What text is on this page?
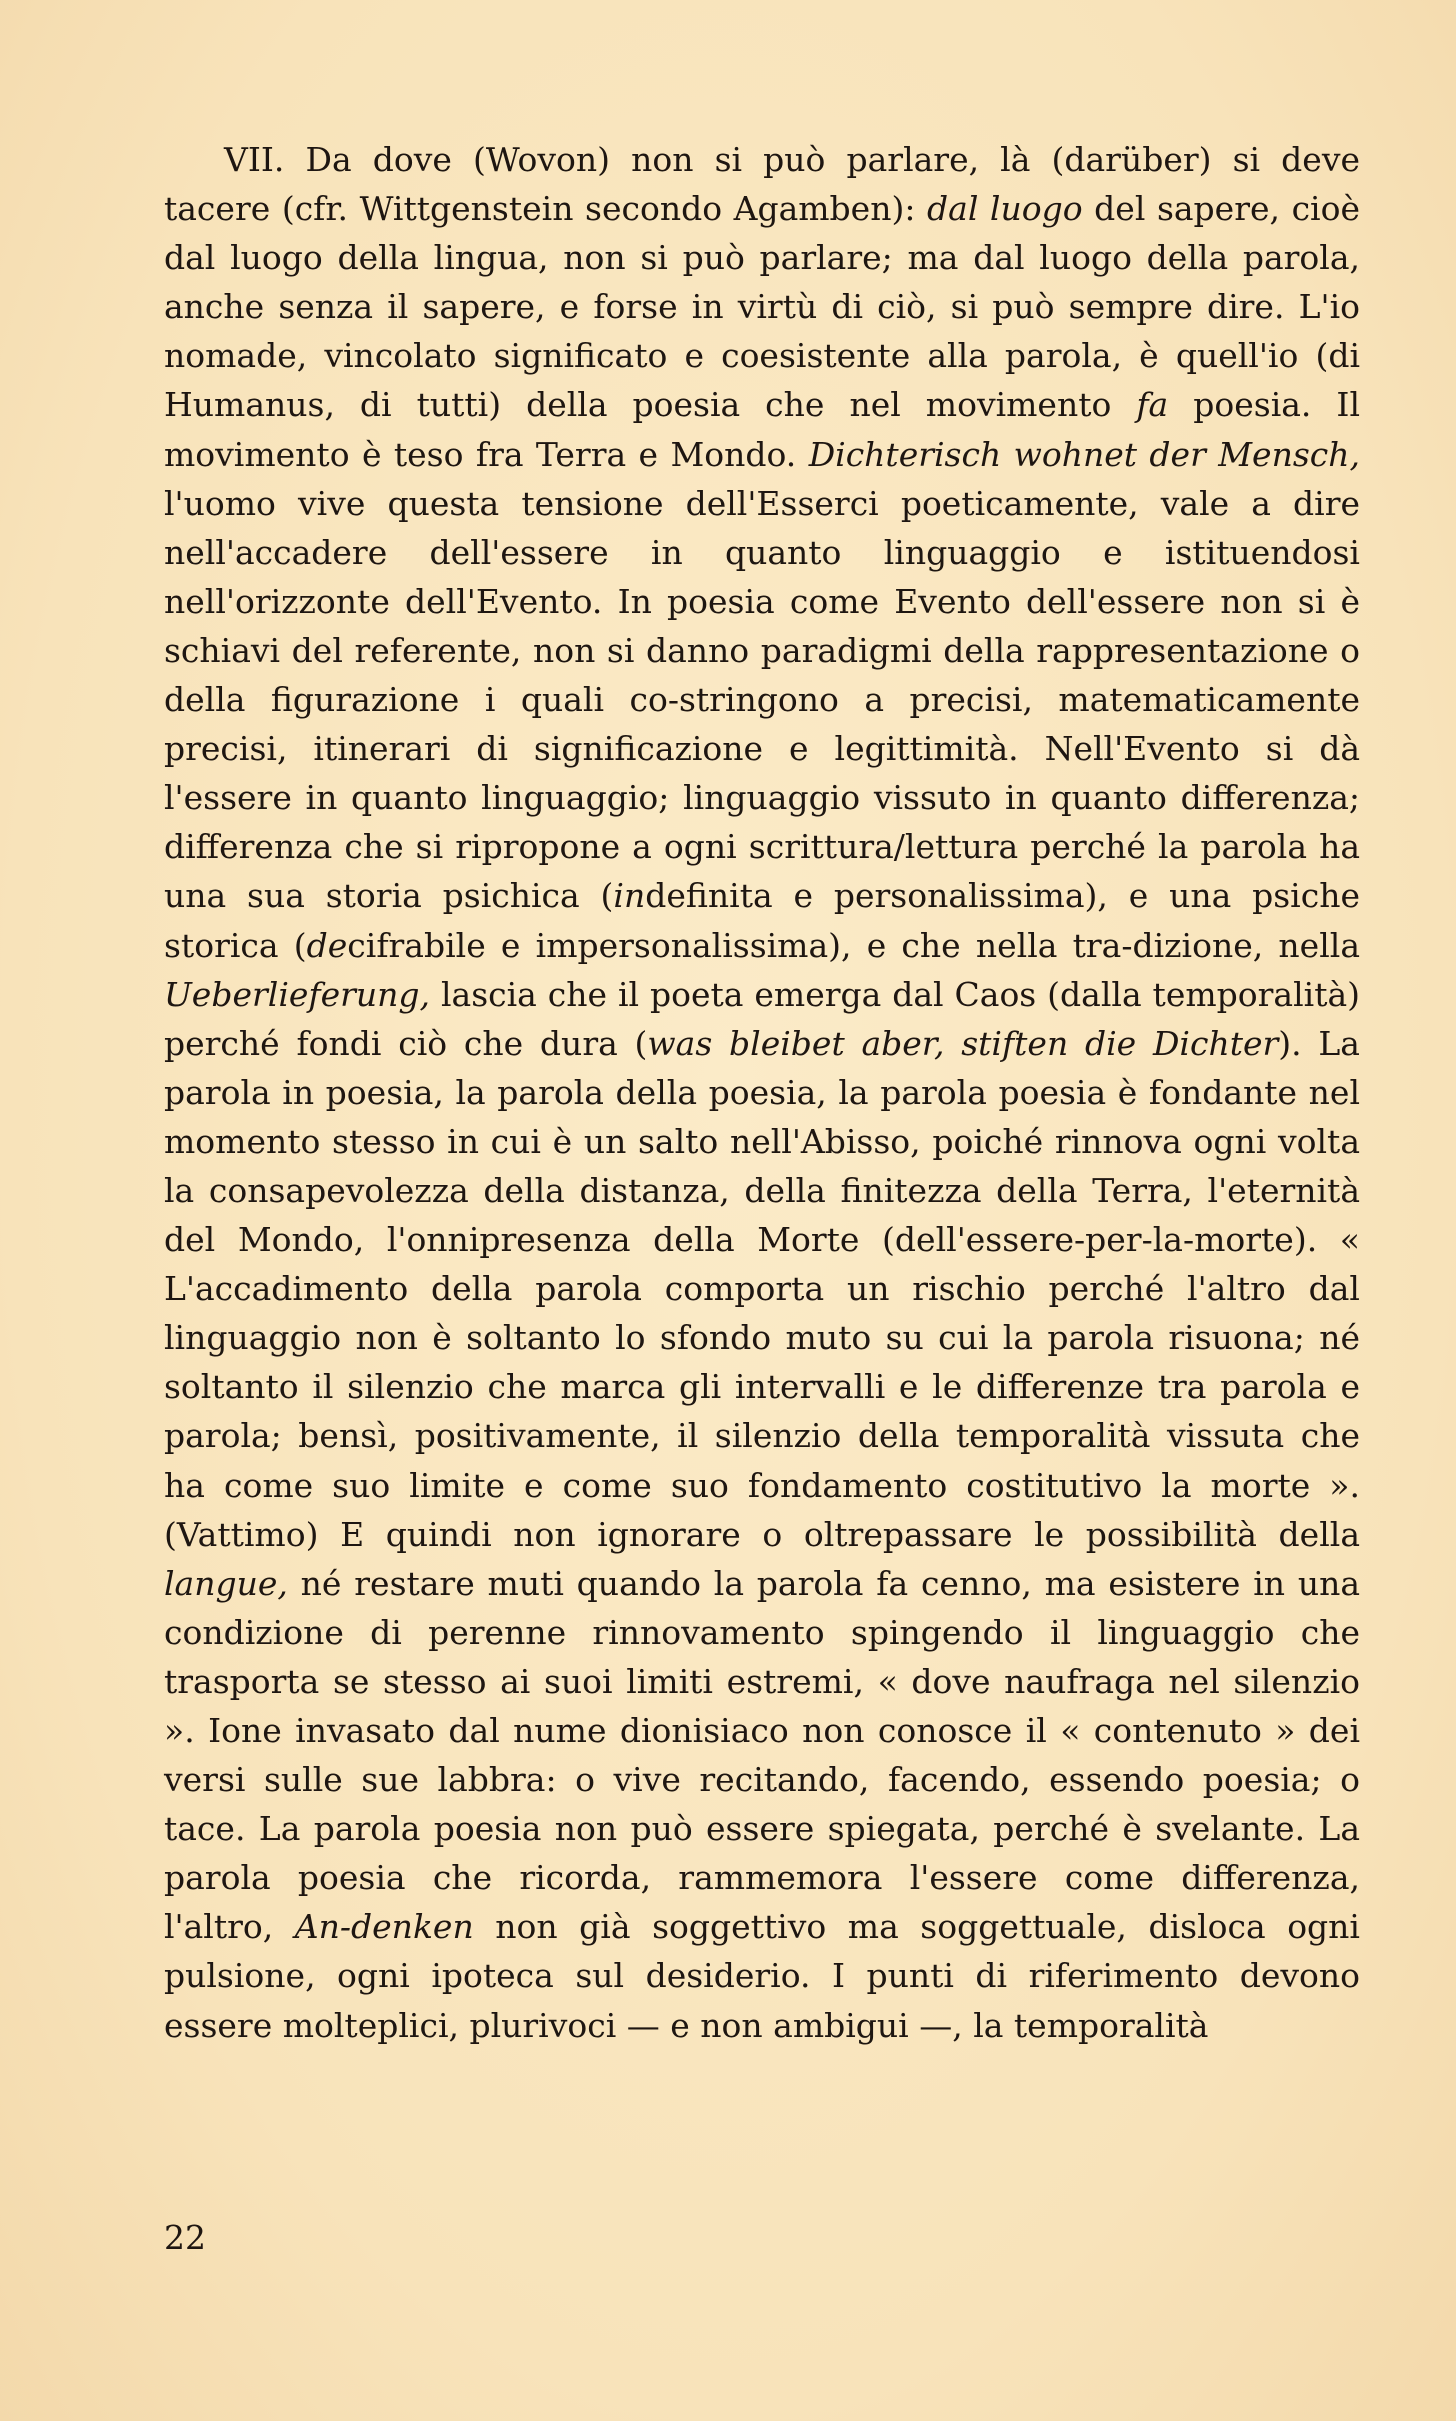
VII. Da dove (Wovon) non si può parlare, là (darüber) si deve tacere (cfr. Wittgenstein secondo Agamben): dal luogo del sapere, cioè dal luogo della lingua, non si può parlare; ma dal luogo della parola, anche senza il sapere, e forse in virtù di ciò, si può sempre dire. L'io nomade, vincolato significato e coesistente alla parola, è quell'io (di Humanus, di tutti) della poesia che nel movimento fa poesia. Il movimento è teso fra Terra e Mondo. Dichterisch wohnet der Mensch, l'uomo vive questa tensione dell'Esserci poeticamente, vale a dire nell'accadere dell'essere in quanto linguaggio e istituendosi nell'orizzonte dell'Evento. In poesia come Evento dell'essere non si è schiavi del referente, non si danno paradigmi della rappresentazione o della figurazione i quali co-stringono a precisi, matematicamente precisi, itinerari di significazione e legittimità. Nell'Evento si dà l'essere in quanto linguaggio; linguaggio vissuto in quanto differenza; differenza che si ripropone a ogni scrittura/lettura perché la parola ha una sua storia psichica (indefinita e personalissima), e una psiche storica (decifrabile e impersonalissima), e che nella tra-dizione, nella Ueberlieferung, lascia che il poeta emerga dal Caos (dalla temporalità) perché fondi ciò che dura (was bleibet aber, stiften die Dichter). La parola in poesia, la parola della poesia, la parola poesia è fondante nel momento stesso in cui è un salto nell'Abisso, poiché rinnova ogni volta la consapevolezza della distanza, della finitezza della Terra, l'eternità del Mondo, l'onnipresenza della Morte (dell'essere-per-la-morte). « L'accadimento della parola comporta un rischio perché l'altro dal linguaggio non è soltanto lo sfondo muto su cui la parola risuona; né soltanto il silenzio che marca gli intervalli e le differenze tra parola e parola; bensì, positivamente, il silenzio della temporalità vissuta che ha come suo limite e come suo fondamento costitutivo la morte ». (Vattimo) E quindi non ignorare o oltrepassare le possibilità della langue, né restare muti quando la parola fa cenno, ma esistere in una condizione di perenne rinnovamento spingendo il linguaggio che trasporta se stesso ai suoi limiti estremi, « dove naufraga nel silenzio ». Ione invasato dal nume dionisiaco non conosce il « contenuto » dei versi sulle sue labbra: o vive recitando, facendo, essendo poesia; o tace. La parola poesia non può essere spiegata, perché è svelante. La parola poesia che ricorda, rammemora l'essere come differenza, l'altro, An-denken non già soggettivo ma soggettuale, disloca ogni pulsione, ogni ipoteca sul desiderio. I punti di riferimento devono essere molteplici, plurivoci — e non ambigui —, la temporalità

22
